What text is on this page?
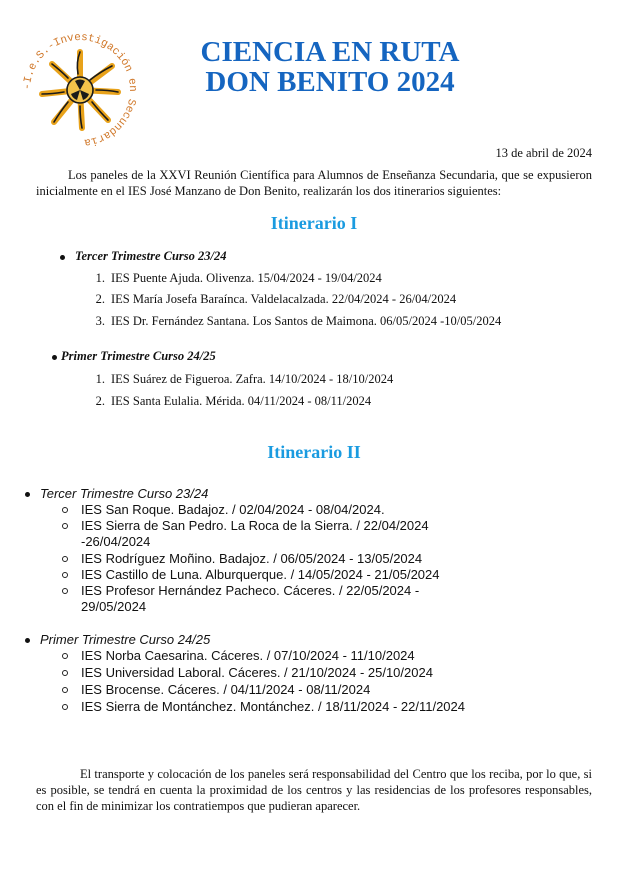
-I.e.S.-Investigación en Secundaria
CIENCIA EN RUTA
DON BENITO 2024
13 de abril de 2024
Los paneles de la XXVI Reunión Científica para Alumnos de Enseñanza Secundaria, que se expusieron inicialmente en el IES José Manzano de Don Benito, realizarán los dos itinerarios siguientes:
Itinerario I
Tercer Trimestre Curso 23/24
1. IES Puente Ajuda. Olivenza. 15/04/2024 - 19/04/2024
2. IES María Josefa Baraínca. Valdelacalzada. 22/04/2024 - 26/04/2024
3. IES Dr. Fernández Santana. Los Santos de Maimona. 06/05/2024 -10/05/2024
Primer Trimestre Curso 24/25
1. IES Suárez de Figueroa. Zafra. 14/10/2024 - 18/10/2024
2. IES Santa Eulalia. Mérida. 04/11/2024 - 08/11/2024
Itinerario II
Tercer Trimestre Curso 23/24
IES San Roque. Badajoz. / 02/04/2024 - 08/04/2024.
IES Sierra de San Pedro. La Roca de la Sierra. / 22/04/2024 -26/04/2024
IES Rodríguez Moñino. Badajoz. / 06/05/2024 - 13/05/2024
IES Castillo de Luna. Alburquerque. / 14/05/2024 - 21/05/2024
IES Profesor Hernández Pacheco. Cáceres. / 22/05/2024 - 29/05/2024
Primer Trimestre Curso 24/25
IES Norba Caesarina. Cáceres. / 07/10/2024 - 11/10/2024
IES Universidad Laboral. Cáceres. / 21/10/2024 - 25/10/2024
IES Brocense. Cáceres. / 04/11/2024 - 08/11/2024
IES Sierra de Montánchez. Montánchez. / 18/11/2024 - 22/11/2024
El transporte y colocación de los paneles será responsabilidad del Centro que los reciba, por lo que, si es posible, se tendrá en cuenta la proximidad de los centros y las residencias de los profesores responsables, con el fin de minimizar los contratiempos que pudieran aparecer.
